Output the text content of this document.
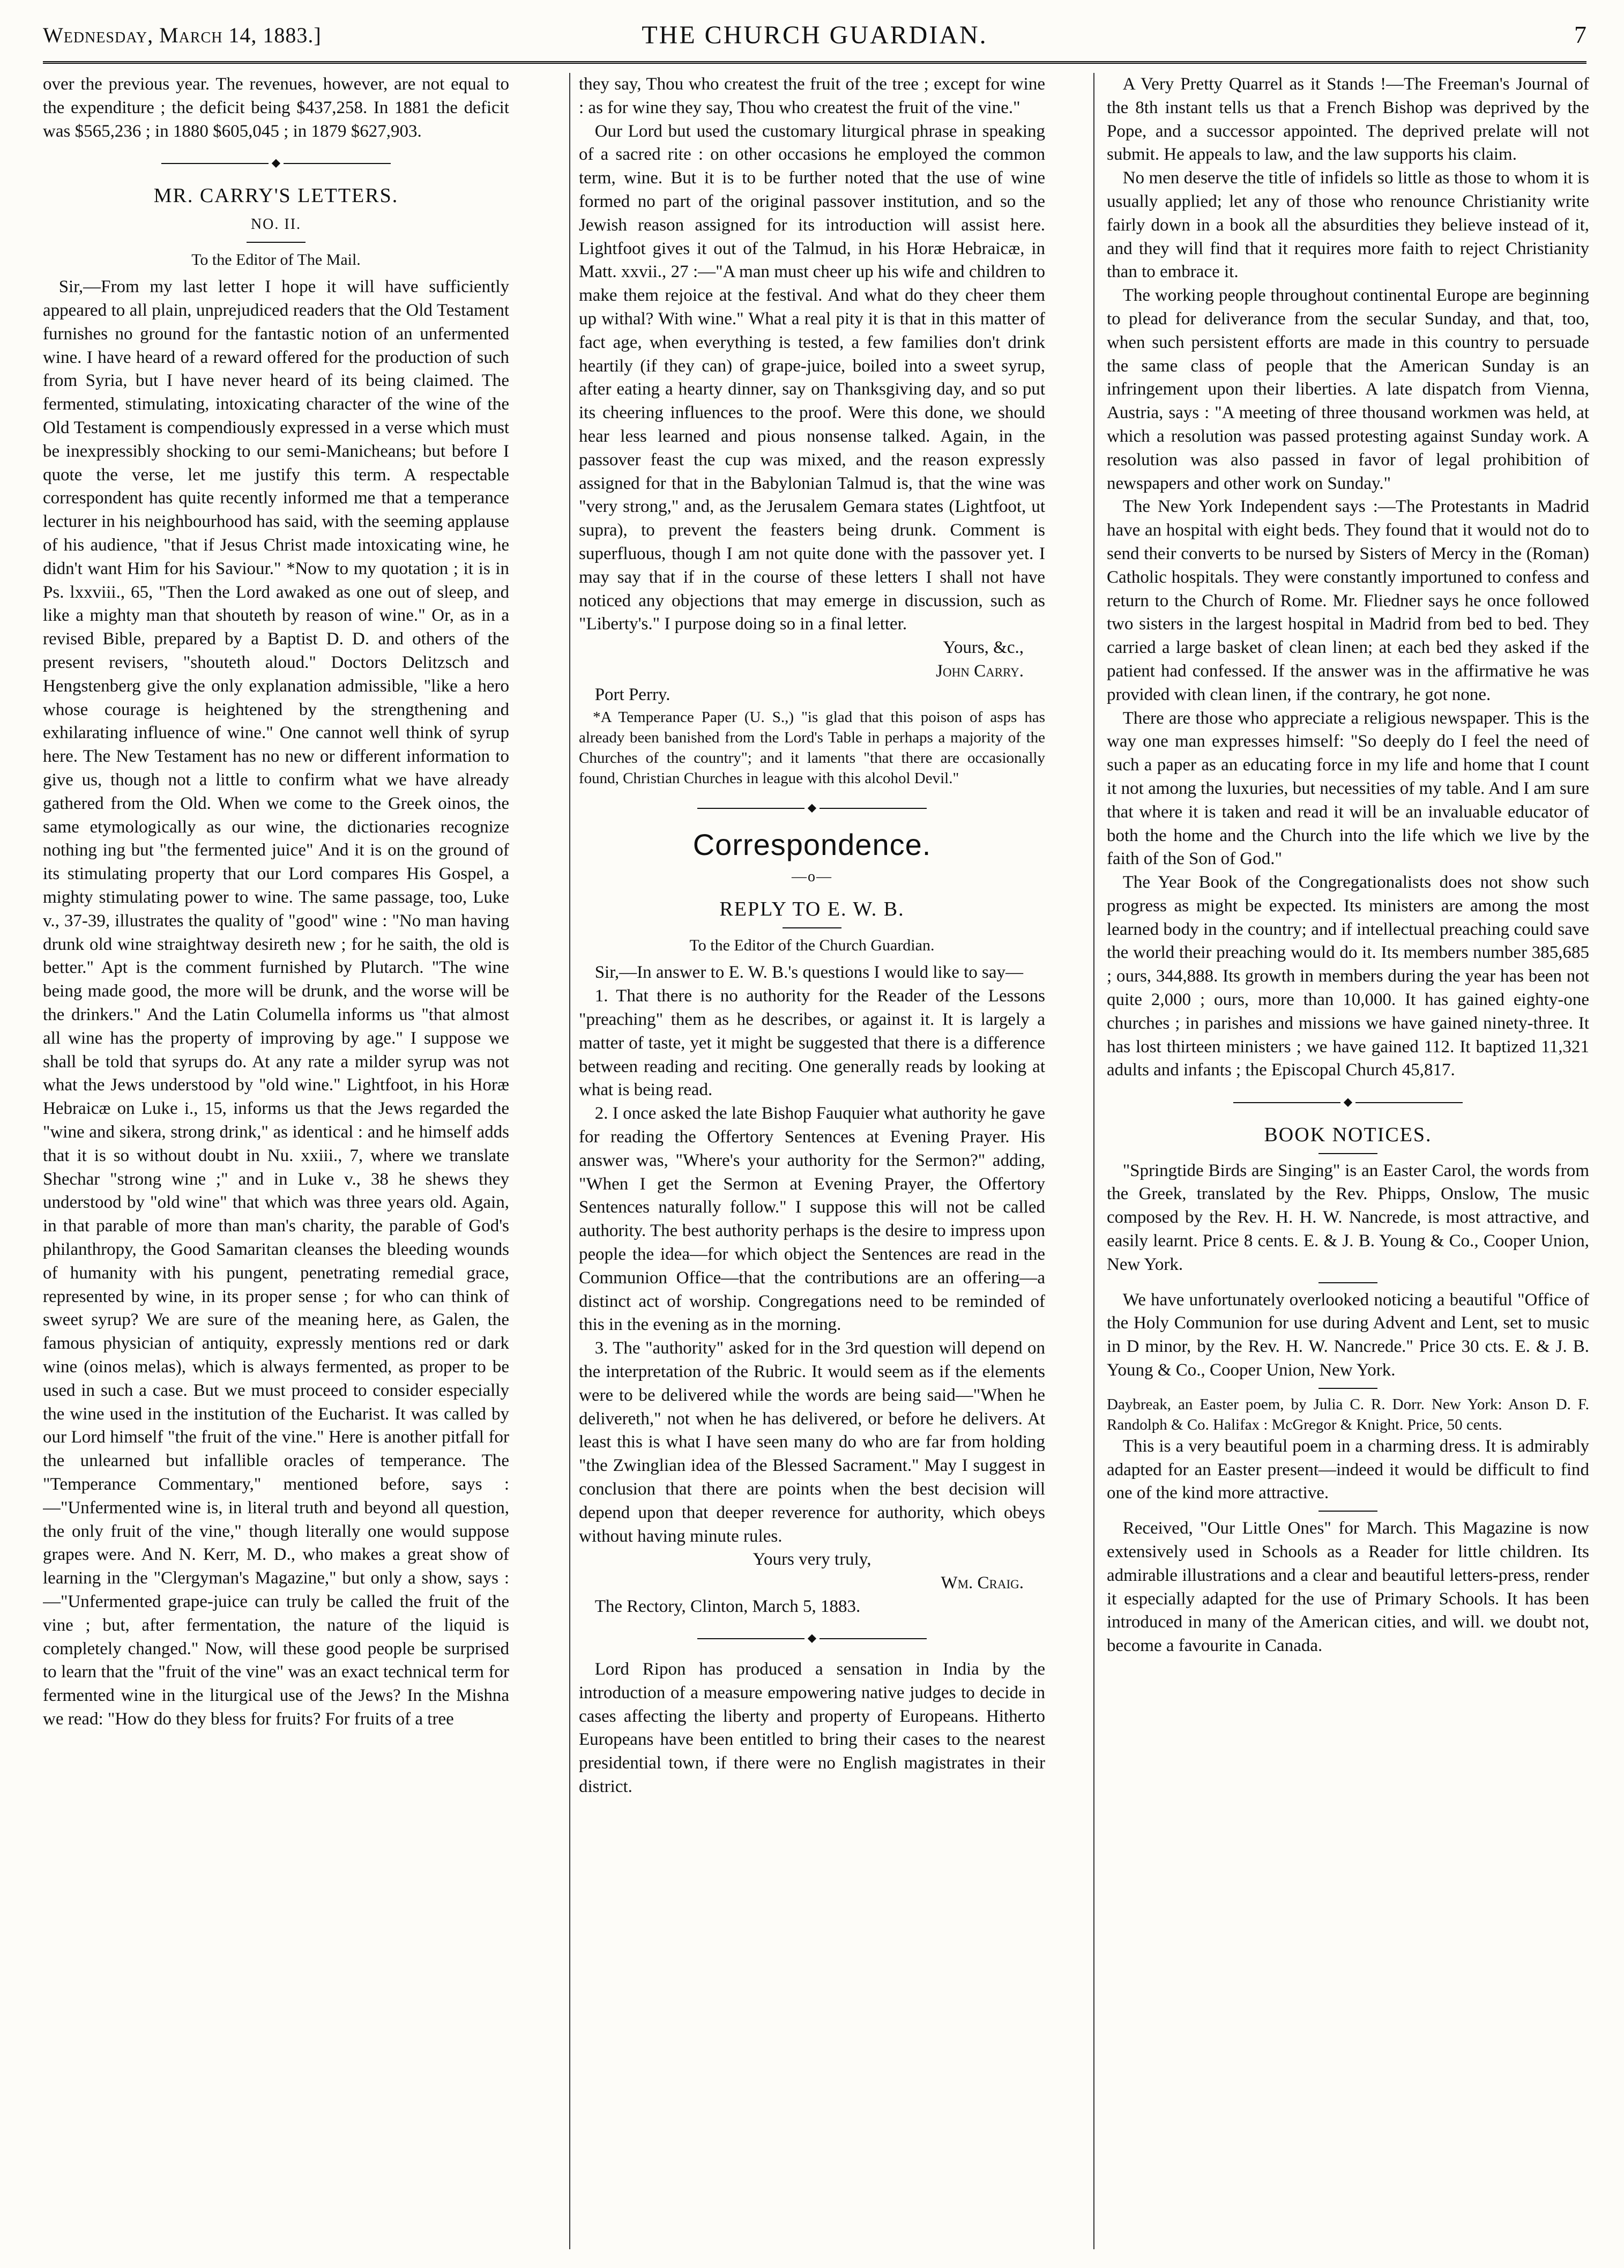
Wednesday, March 14, 1883.]	THE CHURCH GUARDIAN.	7

over the previous year. The revenues, however, are not equal to the expenditure ; the deficit being $437,258. In 1881 the deficit was $565,236 ; in 1880 $605,045 ; in 1879 $627,903.

◆
MR. CARRY'S LETTERS.
NO. II.
To the Editor of The Mail.

Sir,—From my last letter I hope it will have sufficiently appeared to all plain, unprejudiced readers that the Old Testament furnishes no ground for the fantastic notion of an unfermented wine. I have heard of a reward offered for the production of such from Syria, but I have never heard of its being claimed. The fermented, stimulating, intoxicating character of the wine of the Old Testament is compendiously expressed in a verse which must be inexpressibly shocking to our semi-Manicheans; but before I quote the verse, let me justify this term. A respectable correspondent has quite recently informed me that a temperance lecturer in his neighbourhood has said, with the seeming applause of his audience, "that if Jesus Christ made intoxicating wine, he didn't want Him for his Saviour." *Now to my quotation ; it is in Ps. lxxviii., 65, "Then the Lord awaked as one out of sleep, and like a mighty man that shouteth by reason of wine." Or, as in a revised Bible, prepared by a Baptist D. D. and others of the present revisers, "shouteth aloud." Doctors Delitzsch and Hengstenberg give the only explanation admissible, "like a hero whose courage is heightened by the strengthening and exhilarating influence of wine." One cannot well think of syrup here. The New Testament has no new or different information to give us, though not a little to confirm what we have already gathered from the Old. When we come to the Greek oinos, the same etymologically as our wine, the dictionaries recognize nothing ing but "the fermented juice" And it is on the ground of its stimulating property that our Lord compares His Gospel, a mighty stimulating power to wine. The same passage, too, Luke v., 37-39, illustrates the quality of "good" wine : "No man having drunk old wine straightway desireth new ; for he saith, the old is better." Apt is the comment furnished by Plutarch. "The wine being made good, the more will be drunk, and the worse will be the drinkers." And the Latin Columella informs us "that almost all wine has the property of improving by age." I suppose we shall be told that syrups do. At any rate a milder syrup was not what the Jews understood by "old wine." Lightfoot, in his Horæ Hebraicæ on Luke i., 15, informs us that the Jews regarded the "wine and sikera, strong drink," as identical : and he himself adds that it is so without doubt in Nu. xxiii., 7, where we translate Shechar "strong wine ;" and in Luke v., 38 he shews they understood by "old wine" that which was three years old. Again, in that parable of more than man's charity, the parable of God's philanthropy, the Good Samaritan cleanses the bleeding wounds of humanity with his pungent, penetrating remedial grace, represented by wine, in its proper sense ; for who can think of sweet syrup? We are sure of the meaning here, as Galen, the famous physician of antiquity, expressly mentions red or dark wine (oinos melas), which is always fermented, as proper to be used in such a case. But we must proceed to consider especially the wine used in the institution of the Eucharist. It was called by our Lord himself "the fruit of the vine." Here is another pitfall for the unlearned but infallible oracles of temperance. The "Temperance Commentary," mentioned before, says :—"Unfermented wine is, in literal truth and beyond all question, the only fruit of the vine," though literally one would suppose grapes were. And N. Kerr, M. D., who makes a great show of learning in the "Clergyman's Magazine," but only a show, says :—"Unfermented grape-juice can truly be called the fruit of the vine ; but, after fermentation, the nature of the liquid is completely changed." Now, will these good people be surprised to learn that the "fruit of the vine" was an exact technical term for fermented wine in the liturgical use of the Jews? In the Mishna we read: "How do they bless for fruits? For fruits of a tree

they say, Thou who createst the fruit of the tree ; except for wine : as for wine they say, Thou who createst the fruit of the vine."

Our Lord but used the customary liturgical phrase in speaking of a sacred rite : on other occasions he employed the common term, wine. But it is to be further noted that the use of wine formed no part of the original passover institution, and so the Jewish reason assigned for its introduction will assist here. Lightfoot gives it out of the Talmud, in his Horæ Hebraicæ, in Matt. xxvii., 27 :—"A man must cheer up his wife and children to make them rejoice at the festival. And what do they cheer them up withal? With wine." What a real pity it is that in this matter of fact age, when everything is tested, a few families don't drink heartily (if they can) of grape-juice, boiled into a sweet syrup, after eating a hearty dinner, say on Thanksgiving day, and so put its cheering influences to the proof. Were this done, we should hear less learned and pious nonsense talked. Again, in the passover feast the cup was mixed, and the reason expressly assigned for that in the Babylonian Talmud is, that the wine was "very strong," and, as the Jerusalem Gemara states (Lightfoot, ut supra), to prevent the feasters being drunk. Comment is superfluous, though I am not quite done with the passover yet. I may say that if in the course of these letters I shall not have noticed any objections that may emerge in discussion, such as "Liberty's." I purpose doing so in a final letter.

Yours, &c.,
John Carry.

Port Perry.

*A Temperance Paper (U. S.,) "is glad that this poison of asps has already been banished from the Lord's Table in perhaps a majority of the Churches of the country"; and it laments "that there are occasionally found, Christian Churches in league with this alcohol Devil."

◆
Correspondence.
—o—
REPLY TO E. W. B.
To the Editor of the Church Guardian.

Sir,—In answer to E. W. B.'s questions I would like to say—

1. That there is no authority for the Reader of the Lessons "preaching" them as he describes, or against it. It is largely a matter of taste, yet it might be suggested that there is a difference between reading and reciting. One generally reads by looking at what is being read.

2. I once asked the late Bishop Fauquier what authority he gave for reading the Offertory Sentences at Evening Prayer. His answer was, "Where's your authority for the Sermon?" adding, "When I get the Sermon at Evening Prayer, the Offertory Sentences naturally follow." I suppose this will not be called authority. The best authority perhaps is the desire to impress upon people the idea—for which object the Sentences are read in the Communion Office—that the contributions are an offering—a distinct act of worship. Congregations need to be reminded of this in the evening as in the morning.

3. The "authority" asked for in the 3rd question will depend on the interpretation of the Rubric. It would seem as if the elements were to be delivered while the words are being said—"When he delivereth," not when he has delivered, or before he delivers. At least this is what I have seen many do who are far from holding "the Zwinglian idea of the Blessed Sacrament." May I suggest in conclusion that there are points when the best decision will depend upon that deeper reverence for authority, which obeys without having minute rules.

Yours very truly,
Wm. Craig.

The Rectory, Clinton, March 5, 1883.

◆

Lord Ripon has produced a sensation in India by the introduction of a measure empowering native judges to decide in cases affecting the liberty and property of Europeans. Hitherto Europeans have been entitled to bring their cases to the nearest presidential town, if there were no English magistrates in their district.

A Very Pretty Quarrel as it Stands !—The Freeman's Journal of the 8th instant tells us that a French Bishop was deprived by the Pope, and a successor appointed. The deprived prelate will not submit. He appeals to law, and the law supports his claim.

No men deserve the title of infidels so little as those to whom it is usually applied; let any of those who renounce Christianity write fairly down in a book all the absurdities they believe instead of it, and they will find that it requires more faith to reject Christianity than to embrace it.

The working people throughout continental Europe are beginning to plead for deliverance from the secular Sunday, and that, too, when such persistent efforts are made in this country to persuade the same class of people that the American Sunday is an infringement upon their liberties. A late dispatch from Vienna, Austria, says : "A meeting of three thousand workmen was held, at which a resolution was passed protesting against Sunday work. A resolution was also passed in favor of legal prohibition of newspapers and other work on Sunday."

The New York Independent says :—The Protestants in Madrid have an hospital with eight beds. They found that it would not do to send their converts to be nursed by Sisters of Mercy in the (Roman) Catholic hospitals. They were constantly importuned to confess and return to the Church of Rome. Mr. Fliedner says he once followed two sisters in the largest hospital in Madrid from bed to bed. They carried a large basket of clean linen; at each bed they asked if the patient had confessed. If the answer was in the affirmative he was provided with clean linen, if the contrary, he got none.

There are those who appreciate a religious newspaper. This is the way one man expresses himself: "So deeply do I feel the need of such a paper as an educating force in my life and home that I count it not among the luxuries, but necessities of my table. And I am sure that where it is taken and read it will be an invaluable educator of both the home and the Church into the life which we live by the faith of the Son of God."

The Year Book of the Congregationalists does not show such progress as might be expected. Its ministers are among the most learned body in the country; and if intellectual preaching could save the world their preaching would do it. Its members number 385,685 ; ours, 344,888. Its growth in members during the year has been not quite 2,000 ; ours, more than 10,000. It has gained eighty-one churches ; in parishes and missions we have gained ninety-three. It has lost thirteen ministers ; we have gained 112. It baptized 11,321 adults and infants ; the Episcopal Church 45,817.

◆
BOOK NOTICES.

"Springtide Birds are Singing" is an Easter Carol, the words from the Greek, translated by the Rev. Phipps, Onslow, The music composed by the Rev. H. H. W. Nancrede, is most attractive, and easily learnt. Price 8 cents. E. & J. B. Young & Co., Cooper Union, New York.

We have unfortunately overlooked noticing a beautiful "Office of the Holy Communion for use during Advent and Lent, set to music in D minor, by the Rev. H. W. Nancrede." Price 30 cts. E. & J. B. Young & Co., Cooper Union, New York.

Daybreak, an Easter poem, by Julia C. R. Dorr. New York: Anson D. F. Randolph & Co. Halifax : McGregor & Knight. Price, 50 cents.

This is a very beautiful poem in a charming dress. It is admirably adapted for an Easter present—indeed it would be difficult to find one of the kind more attractive.

Received, "Our Little Ones" for March. This Magazine is now extensively used in Schools as a Reader for little children. Its admirable illustrations and a clear and beautiful letters-press, render it especially adapted for the use of Primary Schools. It has been introduced in many of the American cities, and will. we doubt not, become a favourite in Canada.
